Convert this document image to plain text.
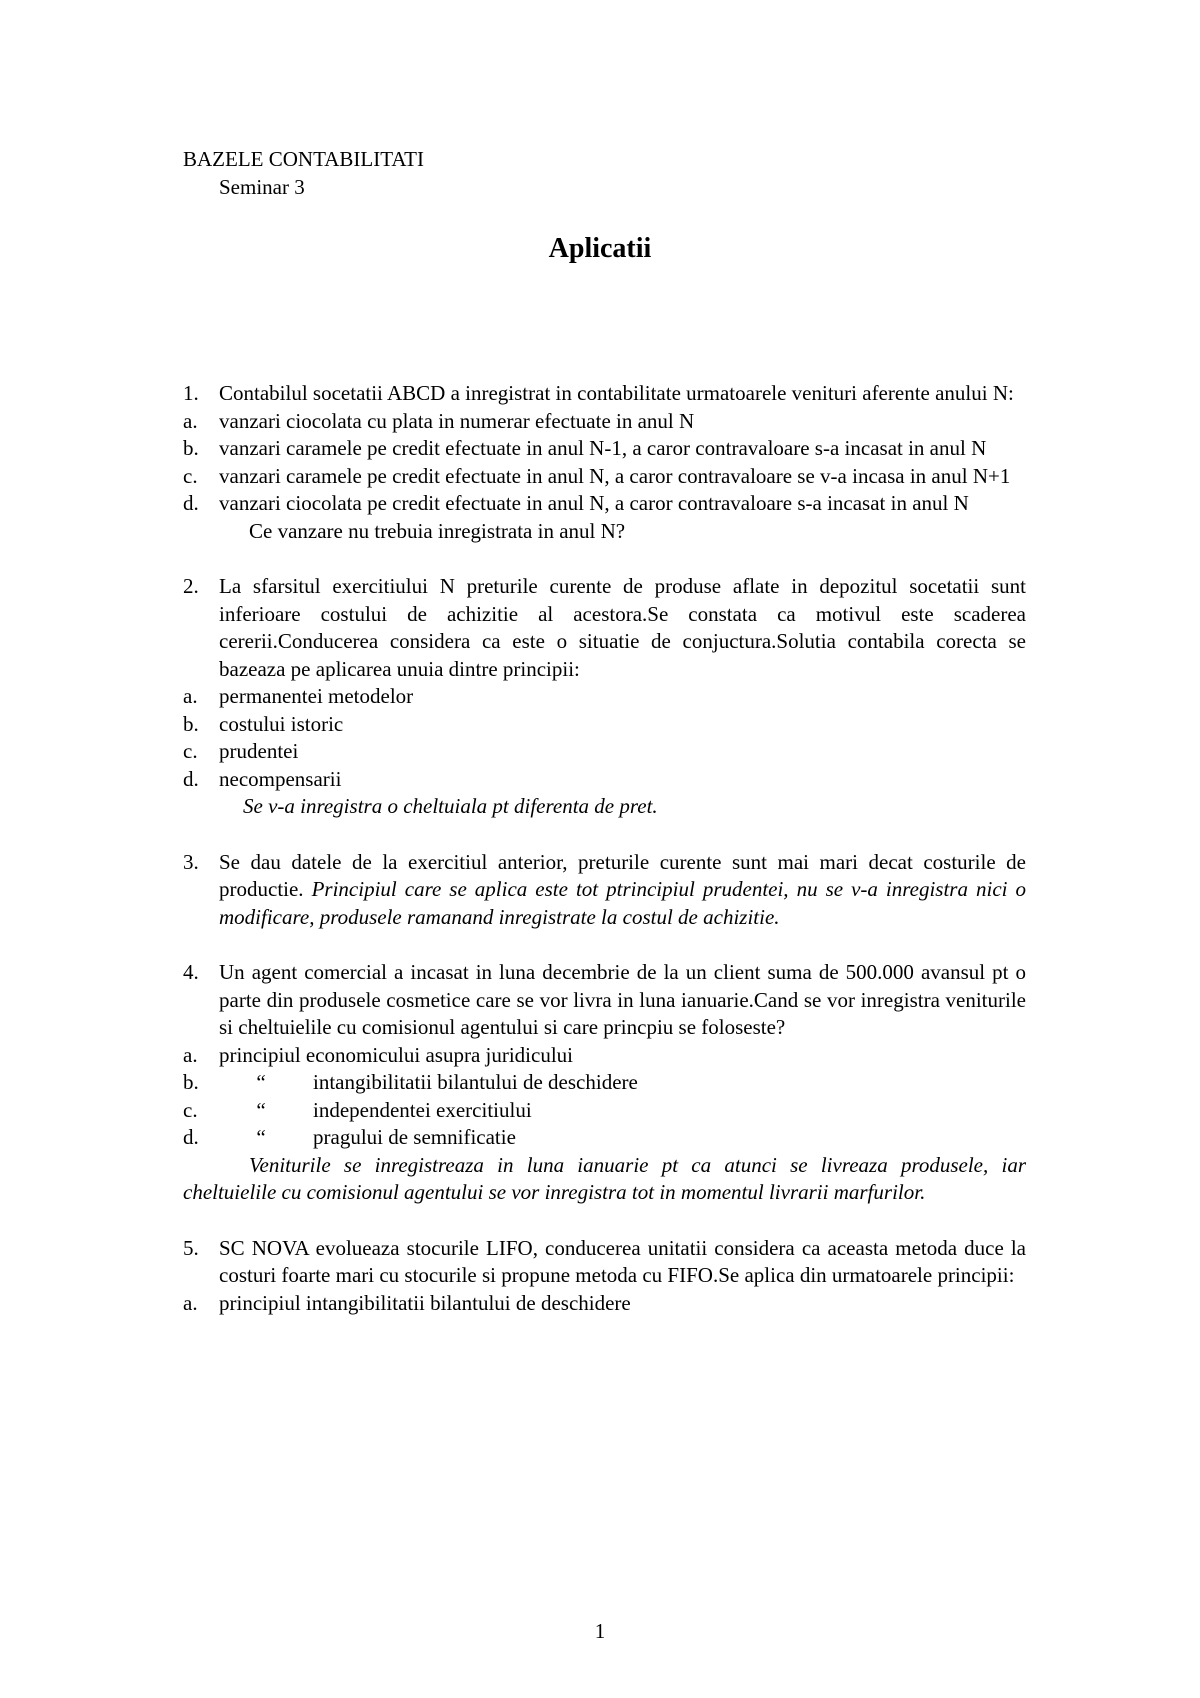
BAZELE CONTABILITATI
Seminar 3
Aplicatii
1. Contabilul socetatii ABCD a inregistrat in contabilitate urmatoarele venituri aferente anului N:
a. vanzari ciocolata cu plata in numerar efectuate in anul N
b. vanzari caramele pe credit efectuate in anul N-1, a caror contravaloare s-a incasat in anul N
c. vanzari caramele pe credit efectuate in anul N, a caror contravaloare se v-a incasa in anul N+1
d. vanzari ciocolata pe credit efectuate in anul N, a caror contravaloare s-a incasat in anul N
Ce vanzare nu trebuia inregistrata in anul N?
2. La sfarsitul exercitiului N preturile curente de produse aflate in depozitul socetatii sunt inferioare costului de achizitie al acestora.Se constata ca motivul este scaderea cererii.Conducerea considera ca este o situatie de conjuctura.Solutia contabila corecta se bazeaza pe aplicarea unuia dintre principii:
a. permanentei metodelor
b. costului istoric
c. prudentei
d. necompensarii
Se v-a inregistra o cheltuiala pt diferenta de pret.
3. Se dau datele de la exercitiul anterior, preturile curente sunt mai mari decat costurile de productie. Principiul care se aplica este tot ptrincipiul prudentei, nu se v-a inregistra nici o modificare, produsele ramanand inregistrate la costul de achizitie.
4. Un agent comercial a incasat in luna decembrie de la un client suma de 500.000 avansul pt o parte din produsele cosmetice care se vor livra in luna ianuarie.Cand se vor inregistra veniturile si cheltuielile cu comisionul agentului si care princpiu se foloseste?
a. principiul economicului asupra juridicului
b.	“ intangibilitatii bilantului de deschidere
c.	“ independentei exercitiului
d.	“ pragului de semnificatie
Veniturile se inregistreaza in luna ianuarie pt ca atunci se livreaza produsele, iar cheltuielile cu comisionul agentului se vor inregistra tot in momentul livrarii marfurilor.
5. SC NOVA evolueaza stocurile LIFO, conducerea unitatii considera ca aceasta metoda duce la costuri foarte mari cu stocurile si propune metoda cu FIFO.Se aplica din urmatoarele principii:
a. principiul intangibilitatii bilantului de deschidere
1
